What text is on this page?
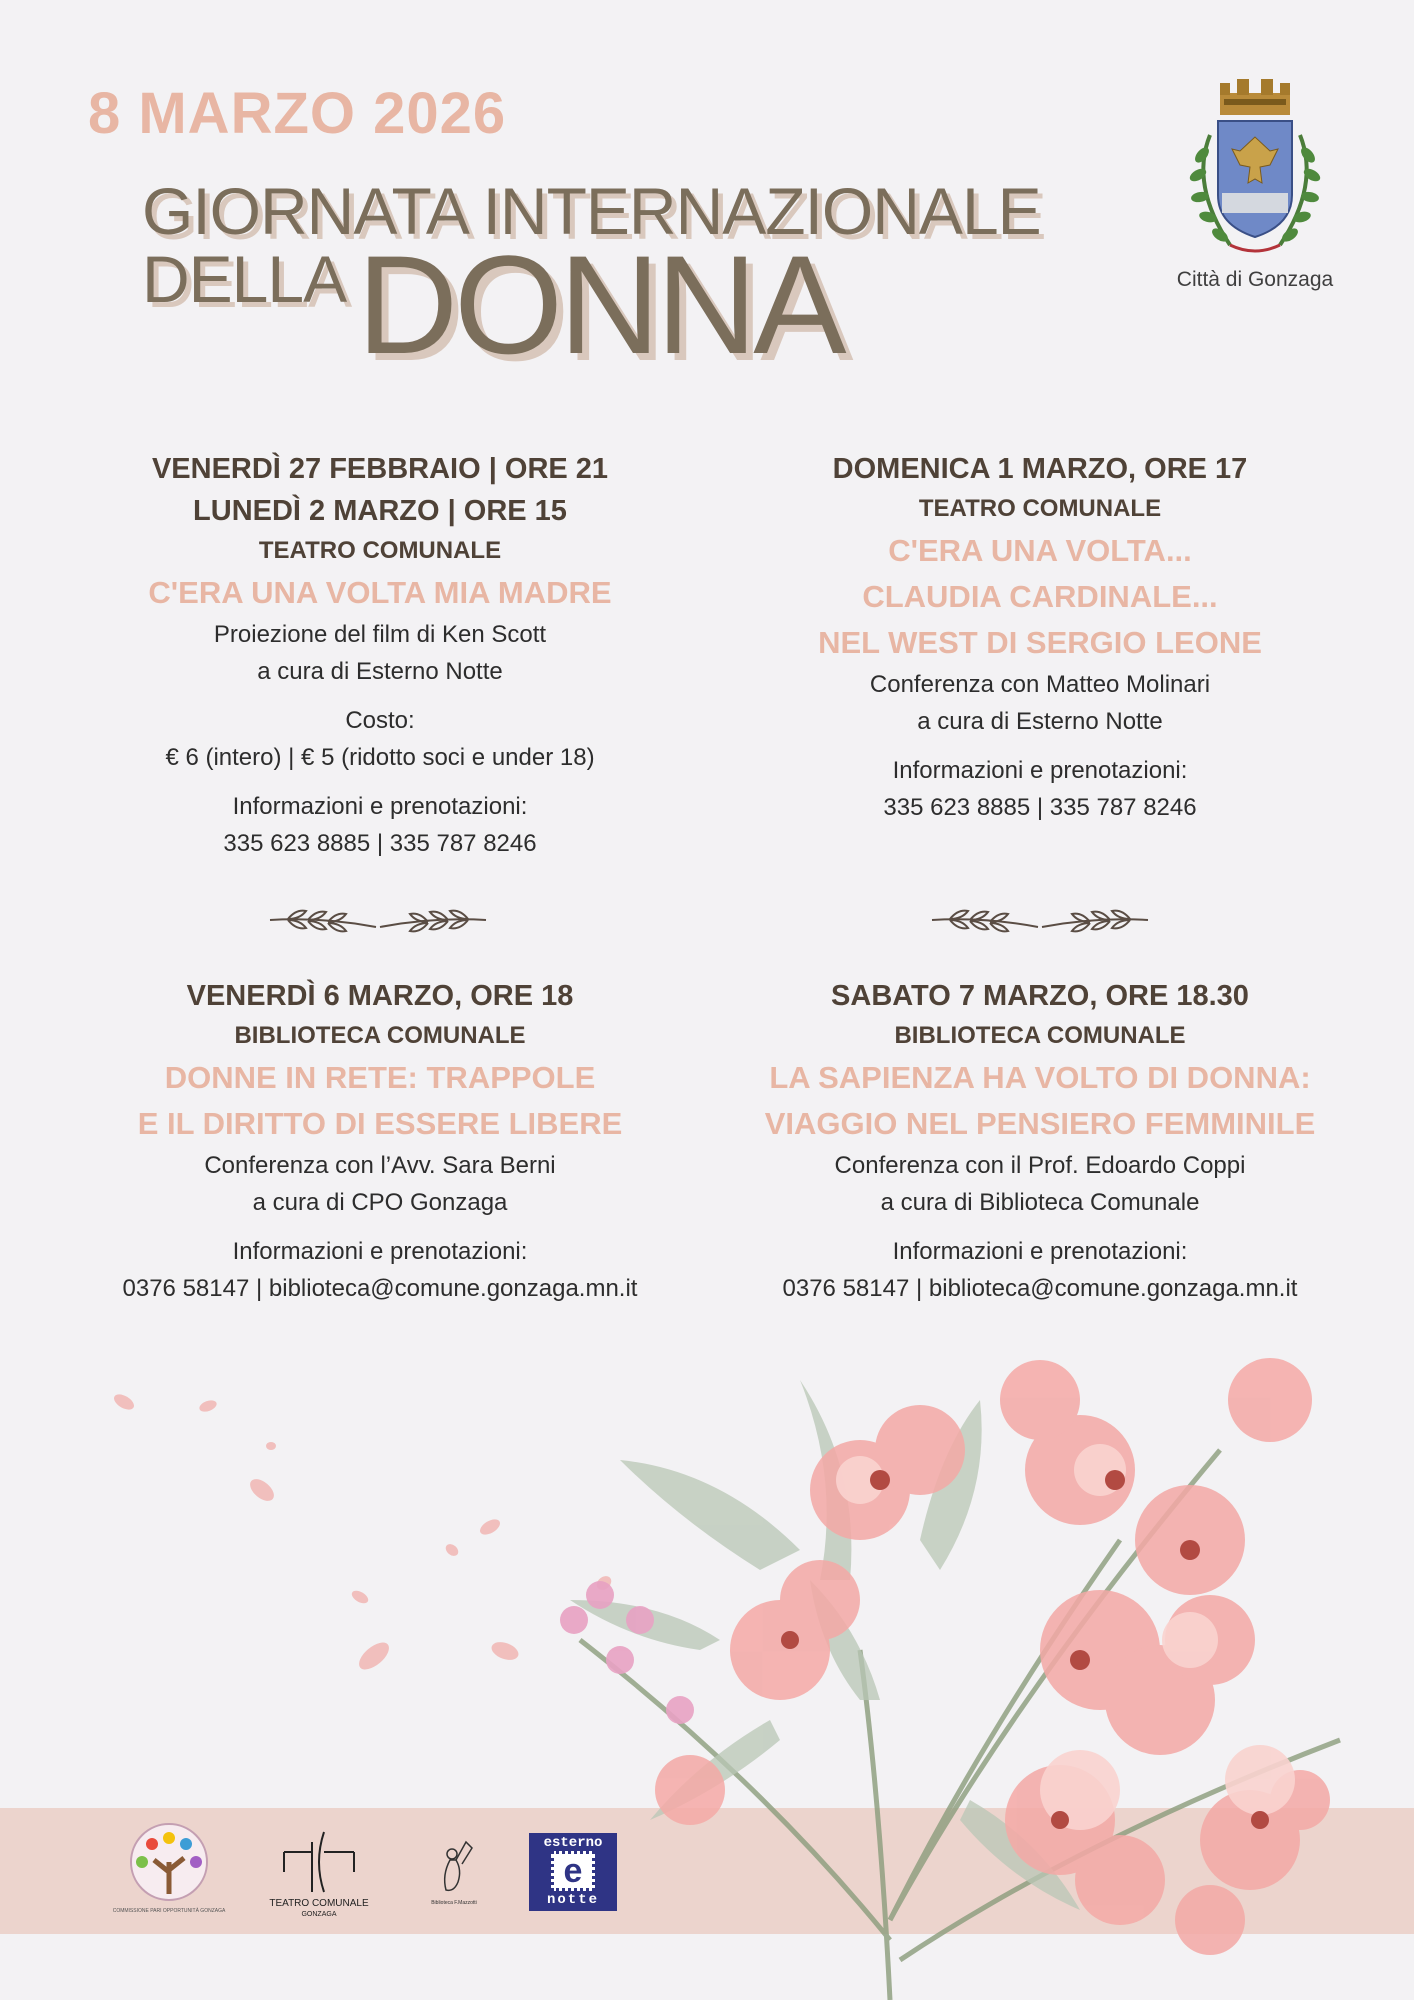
8 MARZO 2026
GIORNATA INTERNAZIONALE
DELLA DONNA	Città di Gonzaga
VENERDÌ 27 FEBBRAIO | ORE 21
LUNEDÌ 2 MARZO | ORE 15
TEATRO COMUNALE
C'ERA UNA VOLTA MIA MADRE
Proiezione del film di Ken Scott
a cura di Esterno Notte
Costo:
€ 6 (intero) | € 5 (ridotto soci e under 18)
Informazioni e prenotazioni:
335 623 8885 | 335 787 8246
DOMENICA 1 MARZO, ORE 17
TEATRO COMUNALE
C'ERA UNA VOLTA...
CLAUDIA CARDINALE...
NEL WEST DI SERGIO LEONE
Conferenza con Matteo Molinari
a cura di Esterno Notte
Informazioni e prenotazioni:
335 623 8885 | 335 787 8246
VENERDÌ 6 MARZO, ORE 18
BIBLIOTECA COMUNALE
DONNE IN RETE: TRAPPOLE
E IL DIRITTO DI ESSERE LIBERE
Conferenza con l’Avv. Sara Berni
a cura di CPO Gonzaga
Informazioni e prenotazioni:
0376 58147 | biblioteca@comune.gonzaga.mn.it
SABATO 7 MARZO, ORE 18.30
BIBLIOTECA COMUNALE
LA SAPIENZA HA VOLTO DI DONNA:
VIAGGIO NEL PENSIERO FEMMINILE
Conferenza con il Prof. Edoardo Coppi
a cura di Biblioteca Comunale
Informazioni e prenotazioni:
0376 58147 | biblioteca@comune.gonzaga.mn.it
COMMISSIONE PARI OPPORTUNITÀ GONZAGA
TEATRO COMUNALE
GONZAGA
Biblioteca F.Mazzotti
esterno
e
notte
